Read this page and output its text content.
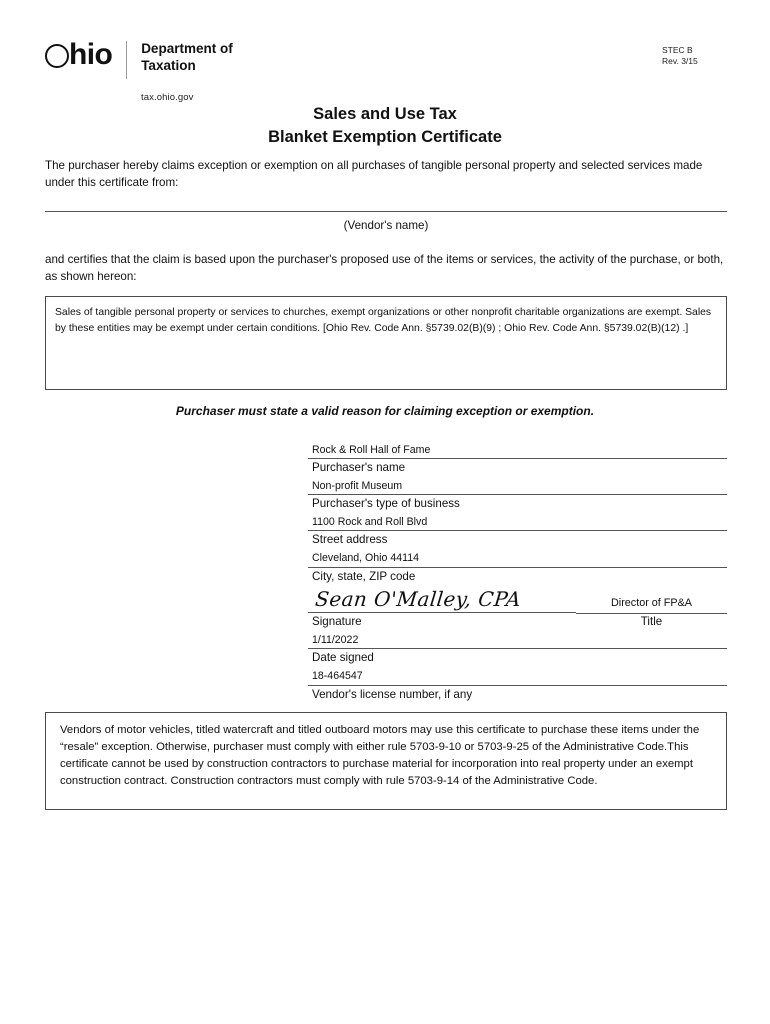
hio Department of
Taxation
tax.ohio.gov
STEC B
Rev. 3/15
Sales and Use Tax
Blanket Exemption Certificate
The purchaser hereby claims exception or exemption on all purchases of tangible personal property and selected services made under this certificate from:
(Vendor's name)
and certifies that the claim is based upon the purchaser's proposed use of the items or services, the activity of the purchase, or both, as shown hereon:
Sales of tangible personal property or services to churches, exempt organizations or other nonprofit charitable organizations are exempt. Sales by these entities may be exempt under certain conditions. [Ohio Rev. Code Ann. §5739.02(B)(9) ; Ohio Rev. Code Ann. §5739.02(B)(12) .]
Purchaser must state a valid reason for claiming exception or exemption.
Rock & Roll Hall of Fame
Purchaser's name
Non-profit Museum
Purchaser's type of business
1100 Rock and Roll Blvd
Street address
Cleveland, Ohio 44114
City, state, ZIP code
Sean O'Malley, CPA
Signature
Director of FP&A
Title
1/11/2022
Date signed
18-464547
Vendor's license number, if any
Vendors of motor vehicles, titled watercraft and titled outboard motors may use this certificate to purchase these items under the “resale” exception. Otherwise, purchaser must comply with either rule 5703-9-10 or 5703-9-25 of the Administrative Code.This certificate cannot be used by construction contractors to purchase material for incorporation into real property under an exempt construction contract. Construction contractors must comply with rule 5703-9-14 of the Administrative Code.
